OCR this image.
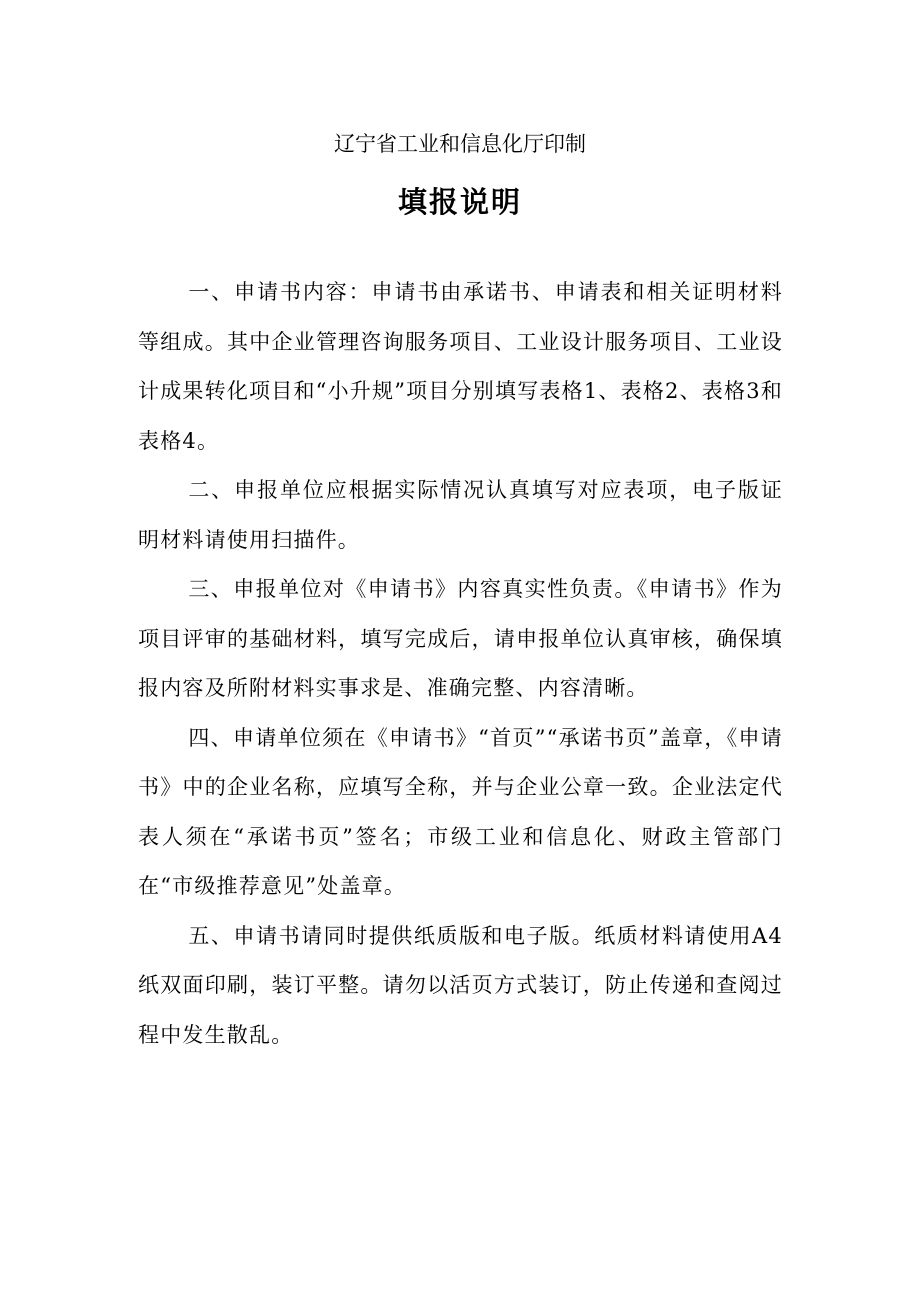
辽宁省工业和信息化厅印制
填报说明

一、申请书内容：申请书由承诺书、申请表和相关证明材料等组成。其中企业管理咨询服务项目、工业设计服务项目、工业设计成果转化项目和“小升规”项目分别填写表格1、表格2、表格3和表格4。

二、申报单位应根据实际情况认真填写对应表项，电子版证明材料请使用扫描件。

三、申报单位对《申请书》内容真实性负责。《申请书》作为项目评审的基础材料，填写完成后，请申报单位认真审核，确保填报内容及所附材料实事求是、准确完整、内容清晰。

四、申请单位须在《申请书》“首页”“承诺书页”盖章，《申请书》中的企业名称，应填写全称，并与企业公章一致。企业法定代表人须在“承诺书页”签名；市级工业和信息化、财政主管部门在“市级推荐意见”处盖章。

五、申请书请同时提供纸质版和电子版。纸质材料请使用A4纸双面印刷，装订平整。请勿以活页方式装订，防止传递和查阅过程中发生散乱。
